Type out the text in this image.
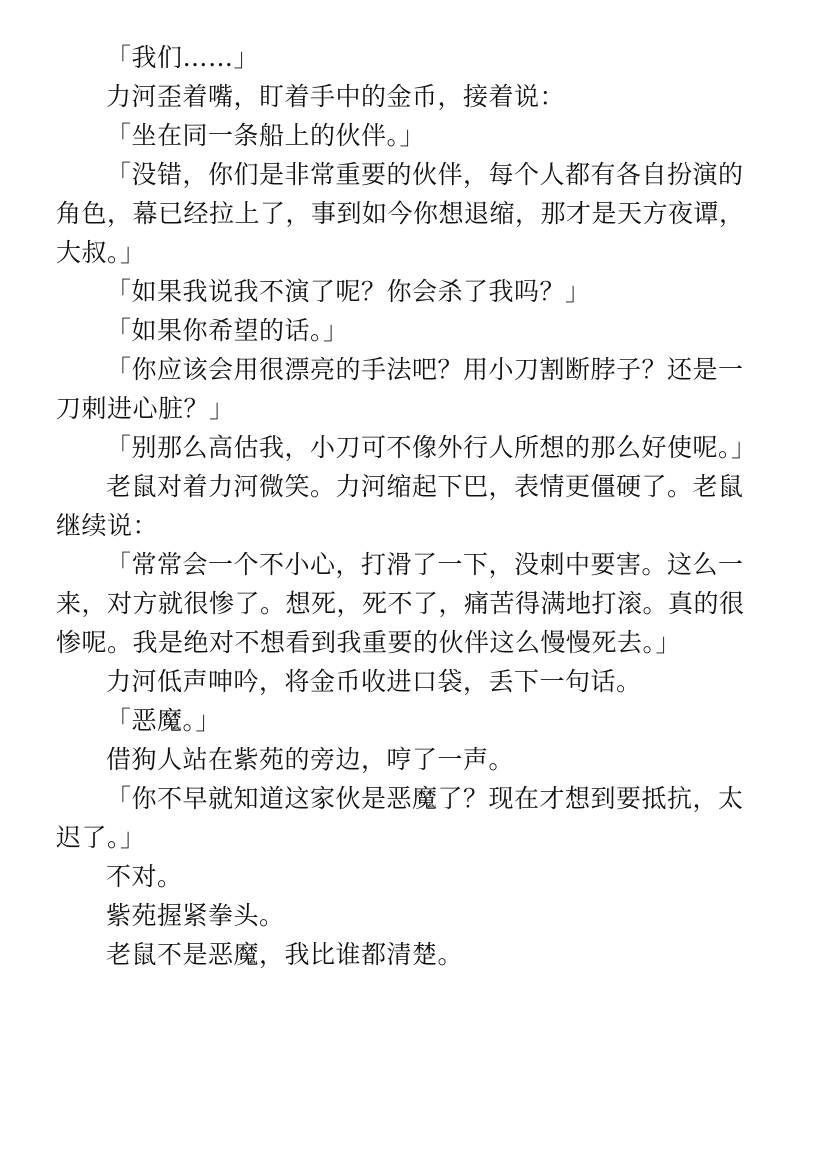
「我们……」

力河歪着嘴，盯着手中的金币，接着说：

「坐在同一条船上的伙伴。」

「没错，你们是非常重要的伙伴，每个人都有各自扮演的角色，幕已经拉上了，事到如今你想退缩，那才是天方夜谭，大叔。」

「如果我说我不演了呢？你会杀了我吗？」

「如果你希望的话。」

「你应该会用很漂亮的手法吧？用小刀割断脖子？还是一刀刺进心脏？」

「别那么高估我，小刀可不像外行人所想的那么好使呢。」

老鼠对着力河微笑。力河缩起下巴，表情更僵硬了。老鼠继续说：

「常常会一个不小心，打滑了一下，没刺中要害。这么一来，对方就很惨了。想死，死不了，痛苦得满地打滚。真的很惨呢。我是绝对不想看到我重要的伙伴这么慢慢死去。」

力河低声呻吟，将金币收进口袋，丢下一句话。

「恶魔。」

借狗人站在紫苑的旁边，哼了一声。

「你不早就知道这家伙是恶魔了？现在才想到要抵抗，太迟了。」

不对。

紫苑握紧拳头。

老鼠不是恶魔，我比谁都清楚。
